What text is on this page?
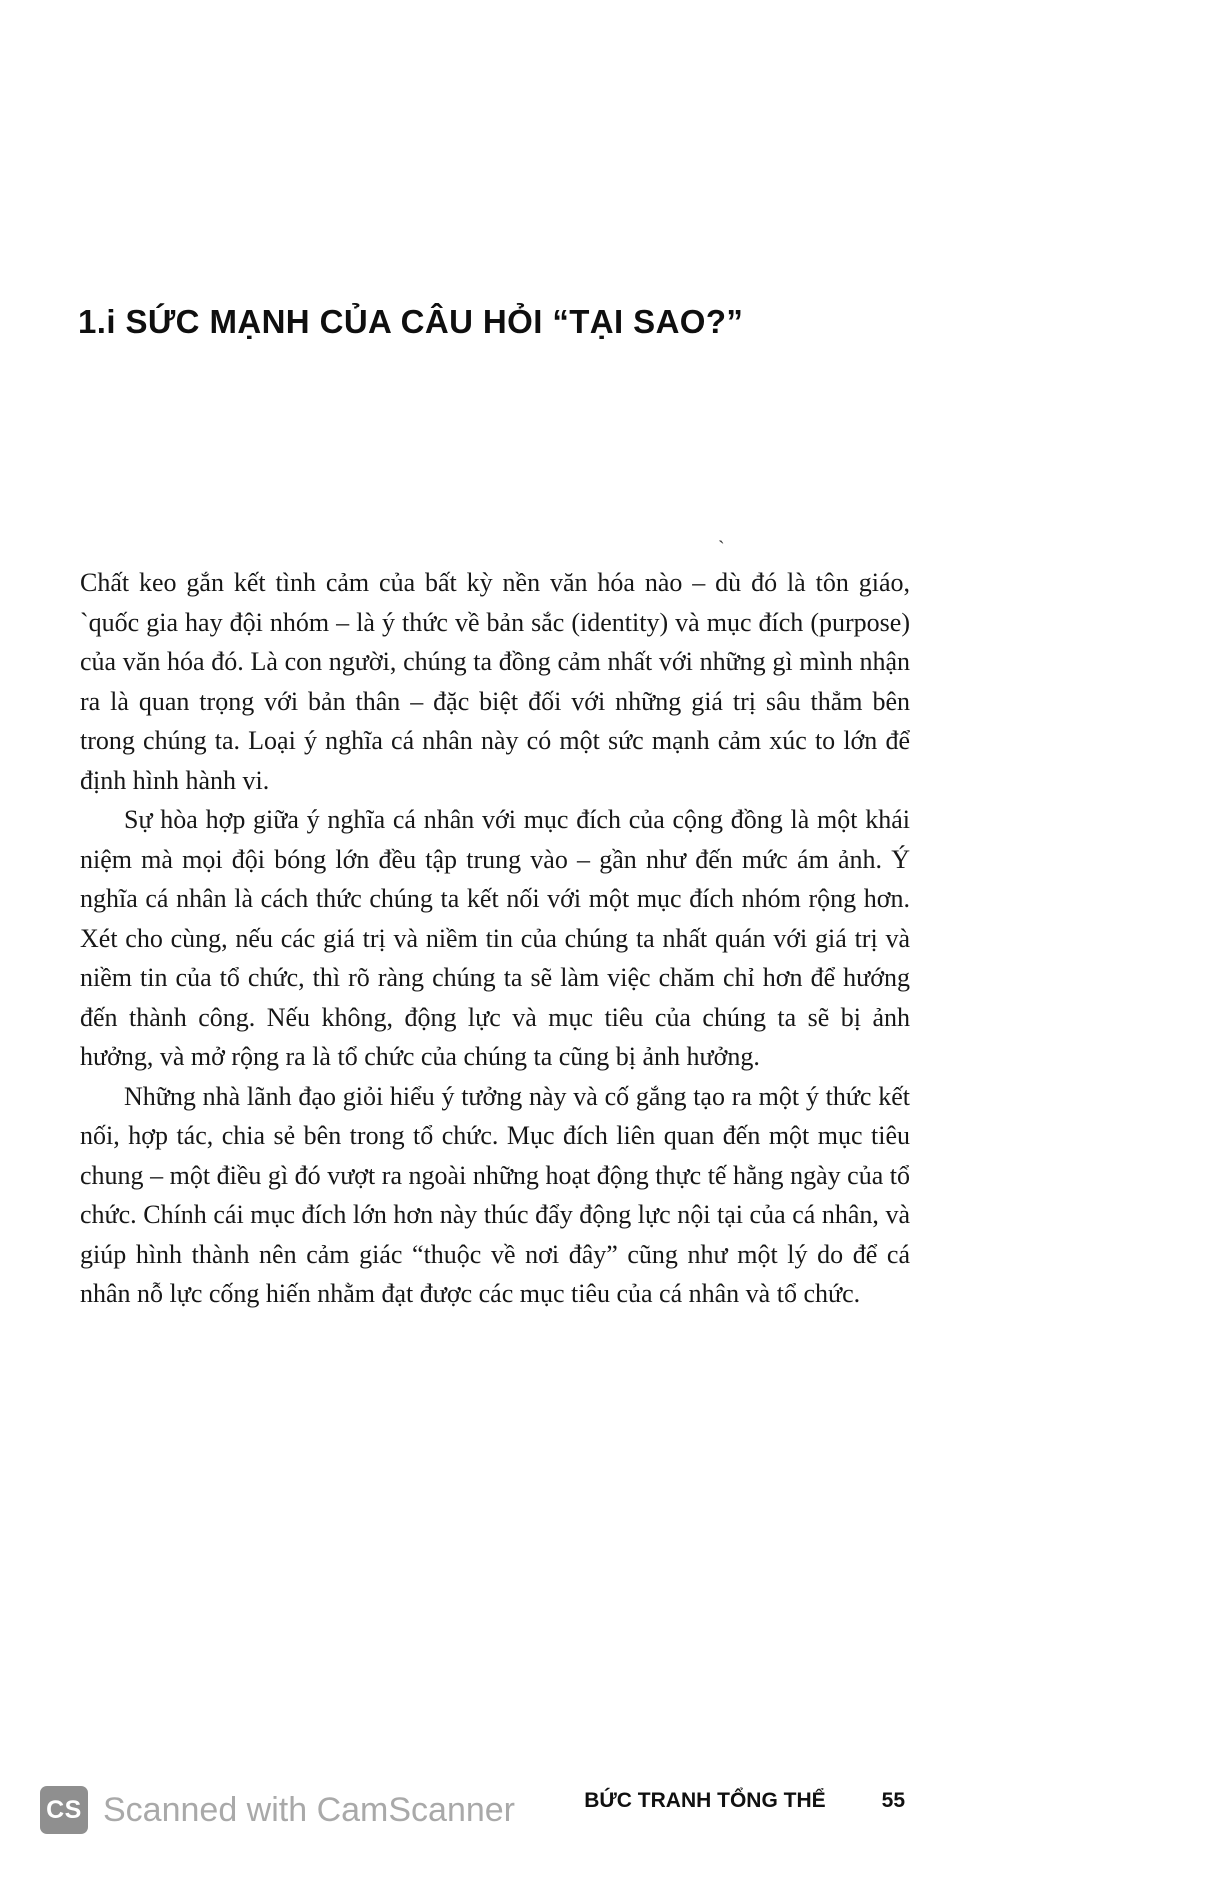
1.i SỨC MẠNH CỦA CÂU HỎI “TẠI SAO?”
ˎ

Chất keo gắn kết tình cảm của bất kỳ nền văn hóa nào – dù đó là tôn giáo, `quốc gia hay đội nhóm – là ý thức về bản sắc (identity) và mục đích (purpose) của văn hóa đó. Là con người, chúng ta đồng cảm nhất với những gì mình nhận ra là quan trọng với bản thân – đặc biệt đối với những giá trị sâu thẳm bên trong chúng ta. Loại ý nghĩa cá nhân này có một sức mạnh cảm xúc to lớn để định hình hành vi.

Sự hòa hợp giữa ý nghĩa cá nhân với mục đích của cộng đồng là một khái niệm mà mọi đội bóng lớn đều tập trung vào – gần như đến mức ám ảnh. Ý nghĩa cá nhân là cách thức chúng ta kết nối với một mục đích nhóm rộng hơn. Xét cho cùng, nếu các giá trị và niềm tin của chúng ta nhất quán với giá trị và niềm tin của tổ chức, thì rõ ràng chúng ta sẽ làm việc chăm chỉ hơn để hướng đến thành công. Nếu không, động lực và mục tiêu của chúng ta sẽ bị ảnh hưởng, và mở rộng ra là tổ chức của chúng ta cũng bị ảnh hưởng.

Những nhà lãnh đạo giỏi hiểu ý tưởng này và cố gắng tạo ra một ý thức kết nối, hợp tác, chia sẻ bên trong tổ chức. Mục đích liên quan đến một mục tiêu chung – một điều gì đó vượt ra ngoài những hoạt động thực tế hằng ngày của tổ chức. Chính cái mục đích lớn hơn này thúc đẩy động lực nội tại của cá nhân, và giúp hình thành nên cảm giác “thuộc về nơi đây” cũng như một lý do để cá nhân nỗ lực cống hiến nhằm đạt được các mục tiêu của cá nhân và tổ chức.

BỨC TRANH TỔNG THỂ	55
CS Scanned with CamScanner
